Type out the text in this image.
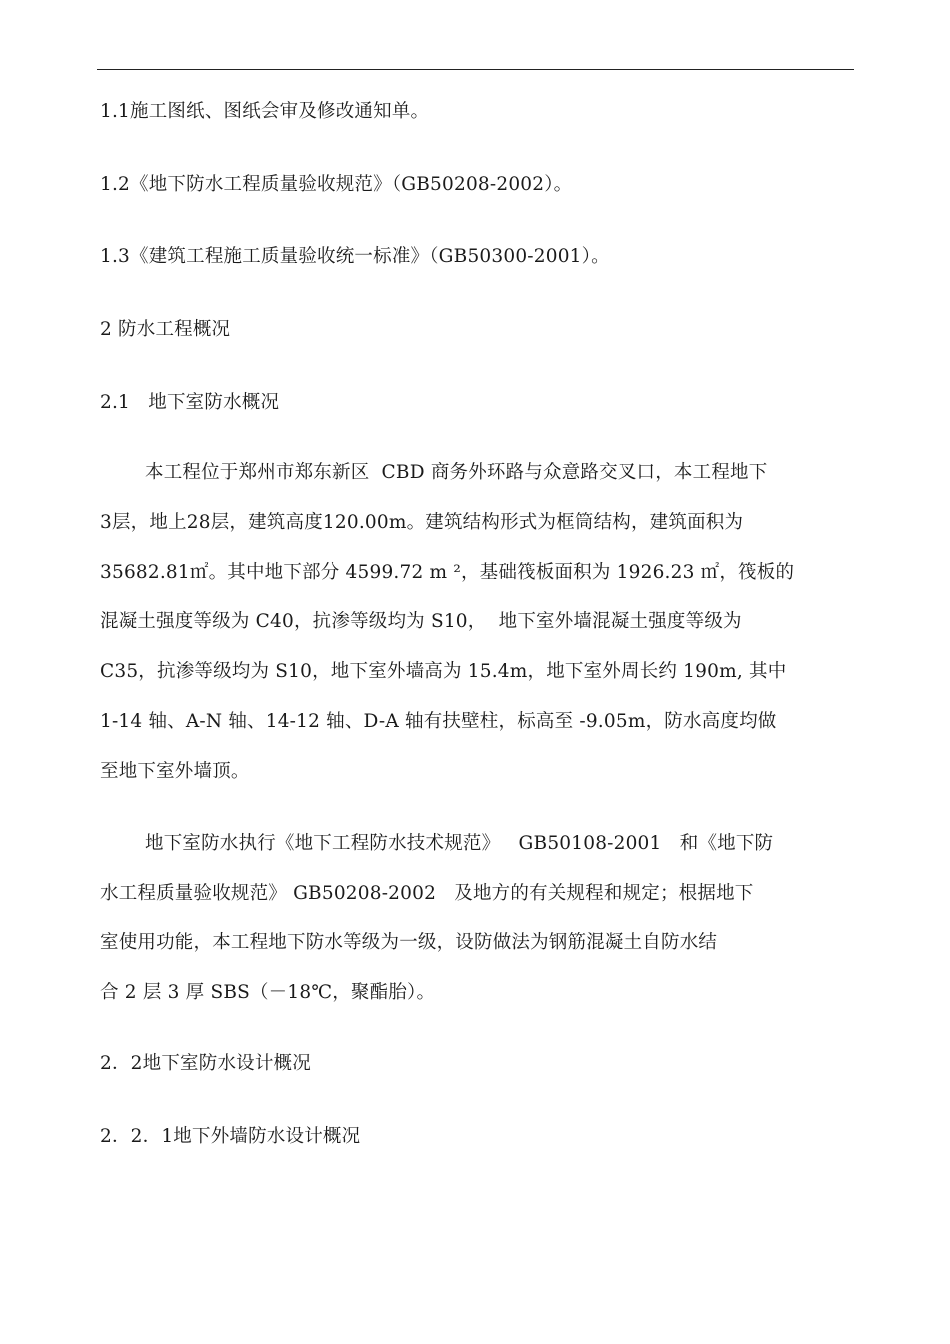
1.1施工图纸、图纸会审及修改通知单。
1.2《地下防水工程质量验收规范》（GB50208-2002）。
1.3《建筑工程施工质量验收统一标准》（GB50300-2001）。
2 防水工程概况
2.1   地下室防水概况
本工程位于郑州市郑东新区  CBD 商务外环路与众意路交叉口，本工程地下
3层，地上28层，建筑高度120.00m。建筑结构形式为框筒结构，建筑面积为
35682.81㎡。其中地下部分 4599.72 m ²，基础筏板面积为 1926.23 ㎡，筏板的
混凝土强度等级为 C40，抗渗等级均为 S10，  地下室外墙混凝土强度等级为
C35，抗渗等级均为 S10，地下室外墙高为 15.4m，地下室外周长约 190m, 其中
1-14 轴、A-N 轴、14-12 轴、D-A 轴有扶壁柱，标高至 -9.05m，防水高度均做
至地下室外墙顶。
地下室防水执行《地下工程防水技术规范》   GB50108-2001   和《地下防
水工程质量验收规范》 GB50208-2002   及地方的有关规程和规定；根据地下
室使用功能，本工程地下防水等级为一级，设防做法为钢筋混凝土自防水结
合 2 层 3 厚 SBS（－18℃，聚酯胎）。
2．2地下室防水设计概况
2．2．1地下外墙防水设计概况
